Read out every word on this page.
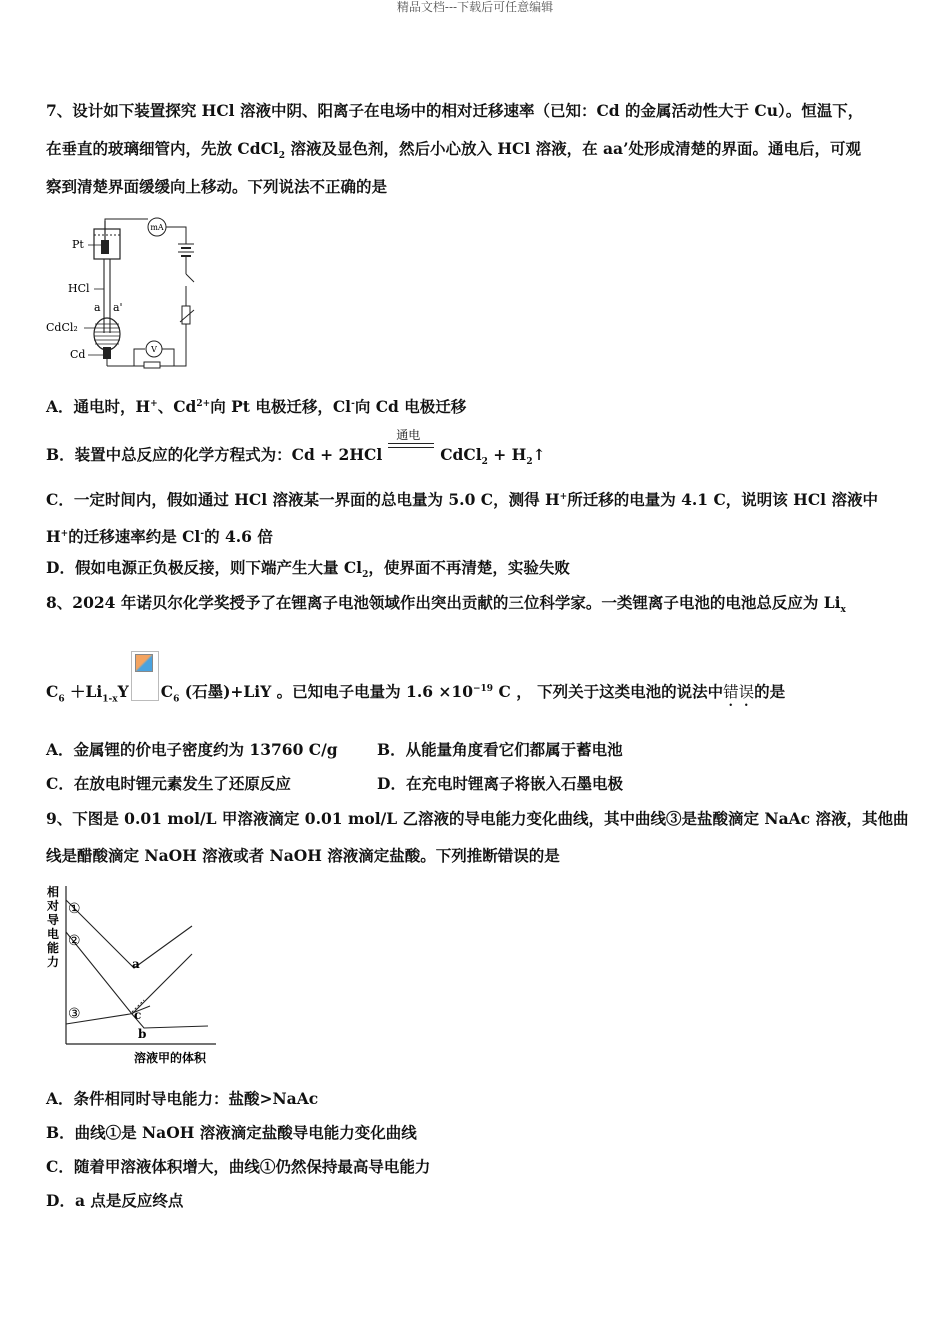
精品文档---下载后可任意编辑
7、设计如下装置探究 HCl 溶液中阴、阳离子在电场中的相对迁移速率（已知：Cd 的金属活动性大于 Cu）。恒温下，
在垂直的玻璃细管内，先放 CdCl$_2$ 溶液及显色剂，然后小心放入 HCl 溶液，在 aa’处形成清楚的界面。通电后，可观
察到清楚界面缓缓向上移动。下列说法不正确的是
mA
V
Pt
HCl
a a'
CdCl₂
Cd
A．通电时，H+、$Cd^{2+}$向 Pt 电极迁移，Cl-向 Cd 电极迁移
B．装置中总反应的化学方程式为：Cd + 2HCl
通电
CdCl$_2$ + $H_2↑$
C．一定时间内，假如通过 HCl 溶液某一界面的总电量为 5.0 C，测得 H+所迁移的电量为 4.1 C，说明该 HCl 溶液中
H+的迁移速率约是 Cl-的 4.6 倍
D．假如电源正负极反接，则下端产生大量 $Cl_2$，使界面不再清楚，实验失败
8、2024 年诺贝尔化学奖授予了在锂离子电池领域作出突出贡献的三位科学家。一类锂离子电池的电池总反应为 $Li_x$
$C_6 +Li_{1-x}Y$ $C_6$ (石墨)+LiY 。已知电子电量为 $1.6 \times 10^{-19}$ C ， 下列关于这类电池的说法中错误的是
A．金属锂的价电子密度约为 13760 C/g	B．从能量角度看它们都属于蓄电池
C．在放电时锂元素发生了还原反应	D．在充电时锂离子将嵌入石墨电极
9、下图是 0.01 mol/L 甲溶液滴定 0.01 mol/L 乙溶液的导电能力变化曲线，其中曲线③是盐酸滴定 NaAc 溶液，其他曲
线是醋酸滴定 NaOH 溶液或者 NaOH 溶液滴定盐酸。下列推断错误的是
相
对
导
电
能
力
①
②
③
a
c
b
溶液甲的体积
A．条件相同时导电能力：盐酸>NaAc
B．曲线①是 NaOH 溶液滴定盐酸导电能力变化曲线
C．随着甲溶液体积增大，曲线①仍然保持最高导电能力
D．a 点是反应终点
